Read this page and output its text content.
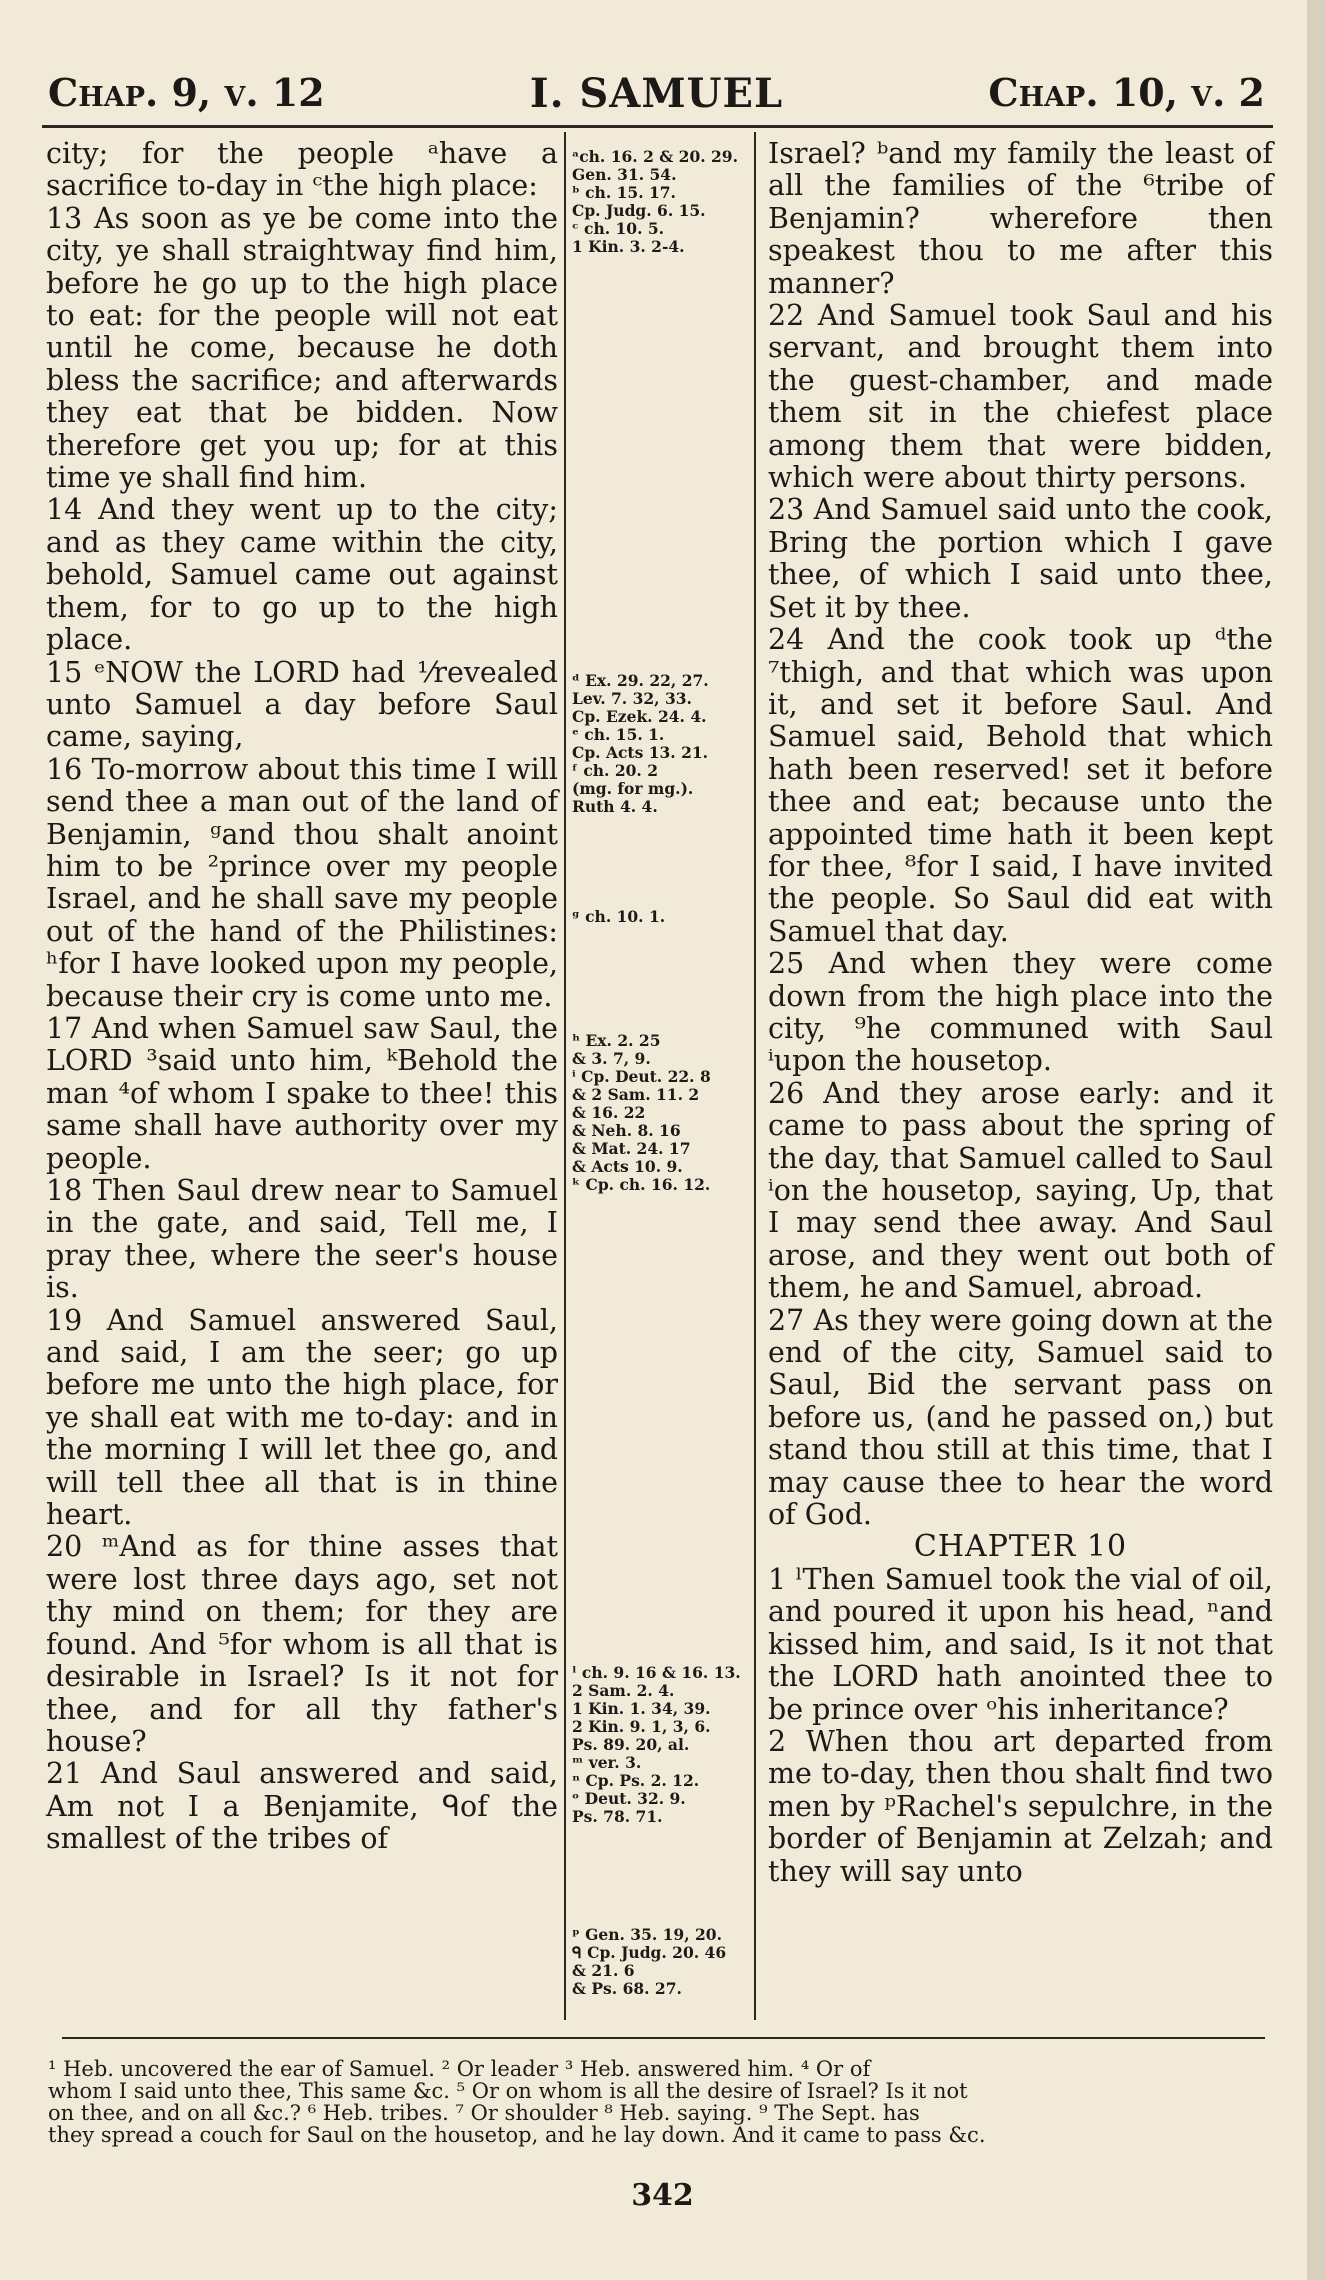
Chap. 9, v. 12	I. SAMUEL	Chap. 10, v. 2

city; for the people ᵃhave a sacrifice to-day in ᶜthe high place:

13 As soon as ye be come into the city, ye shall straightway find him, before he go up to the high place to eat: for the people will not eat until he come, because he doth bless the sacrifice; and afterwards they eat that be bidden. Now therefore get you up; for at this time ye shall find him.

14 And they went up to the city; and as they came within the city, behold, Samuel came out against them, for to go up to the high place.

15 ᵉNOW the LORD had ¹⁄revealed unto Samuel a day before Saul came, saying,

16 To-morrow about this time I will send thee a man out of the land of Benjamin, ᵍand thou shalt anoint him to be ²prince over my people Israel, and he shall save my people out of the hand of the Philistines: ʰfor I have looked upon my people, because their cry is come unto me.

17 And when Samuel saw Saul, the LORD ³said unto him, ᵏBehold the man ⁴of whom I spake to thee! this same shall have authority over my people.

18 Then Saul drew near to Samuel in the gate, and said, Tell me, I pray thee, where the seer's house is.

19 And Samuel answered Saul, and said, I am the seer; go up before me unto the high place, for ye shall eat with me to-day: and in the morning I will let thee go, and will tell thee all that is in thine heart.

20 ᵐAnd as for thine asses that were lost three days ago, set not thy mind on them; for they are found. And ⁵for whom is all that is desirable in Israel? Is it not for thee, and for all thy father's house?

21 And Saul answered and said, Am not I a Benjamite, ᑫof the smallest of the tribes of

ᵃch. 16. 2 & 20. 29.
Gen. 31. 54.
ᵇ ch. 15. 17.
Cp. Judg. 6. 15.
ᶜ ch. 10. 5.
1 Kin. 3. 2-4.
ᵈ Ex. 29. 22, 27.
Lev. 7. 32, 33.
Cp. Ezek. 24. 4.
ᵉ ch. 15. 1.
Cp. Acts 13. 21.
ᶠ ch. 20. 2
(mg. for mg.).
Ruth 4. 4.
ᵍ ch. 10. 1.
ʰ Ex. 2. 25
& 3. 7, 9.
ⁱ Cp. Deut. 22. 8
& 2 Sam. 11. 2
& 16. 22
& Neh. 8. 16
& Mat. 24. 17
& Acts 10. 9.
ᵏ Cp. ch. 16. 12.
ˡ ch. 9. 16 & 16. 13.
2 Sam. 2. 4.
1 Kin. 1. 34, 39.
2 Kin. 9. 1, 3, 6.
Ps. 89. 20, al.
ᵐ ver. 3.
ⁿ Cp. Ps. 2. 12.
ᵒ Deut. 32. 9.
Ps. 78. 71.
ᵖ Gen. 35. 19, 20.
ᑫ Cp. Judg. 20. 46
& 21. 6
& Ps. 68. 27.

Israel? ᵇand my family the least of all the families of the ⁶tribe of Benjamin? wherefore then speakest thou to me after this manner?

22 And Samuel took Saul and his servant, and brought them into the guest-chamber, and made them sit in the chiefest place among them that were bidden, which were about thirty persons.

23 And Samuel said unto the cook, Bring the portion which I gave thee, of which I said unto thee, Set it by thee.

24 And the cook took up ᵈthe ⁷thigh, and that which was upon it, and set it before Saul. And Samuel said, Behold that which hath been reserved! set it before thee and eat; because unto the appointed time hath it been kept for thee, ⁸for I said, I have invited the people. So Saul did eat with Samuel that day.

25 And when they were come down from the high place into the city, ⁹he communed with Saul ⁱupon the housetop.

26 And they arose early: and it came to pass about the spring of the day, that Samuel called to Saul ⁱon the housetop, saying, Up, that I may send thee away. And Saul arose, and they went out both of them, he and Samuel, abroad.

27 As they were going down at the end of the city, Samuel said to Saul, Bid the servant pass on before us, (and he passed on,) but stand thou still at this time, that I may cause thee to hear the word of God.

CHAPTER 10

1 ˡThen Samuel took the vial of oil, and poured it upon his head, ⁿand kissed him, and said, Is it not that the LORD hath anointed thee to be prince over ᵒhis inheritance?

2 When thou art departed from me to-day, then thou shalt find two men by ᵖRachel's sepulchre, in the border of Benjamin at Zelzah; and they will say unto

¹ Heb. uncovered the ear of Samuel. ² Or leader ³ Heb. answered him. ⁴ Or of
whom I said unto thee, This same &c. ⁵ Or on whom is all the desire of Israel? Is it not
on thee, and on all &c.? ⁶ Heb. tribes. ⁷ Or shoulder ⁸ Heb. saying. ⁹ The Sept. has
they spread a couch for Saul on the housetop, and he lay down. And it came to pass &c.
342
